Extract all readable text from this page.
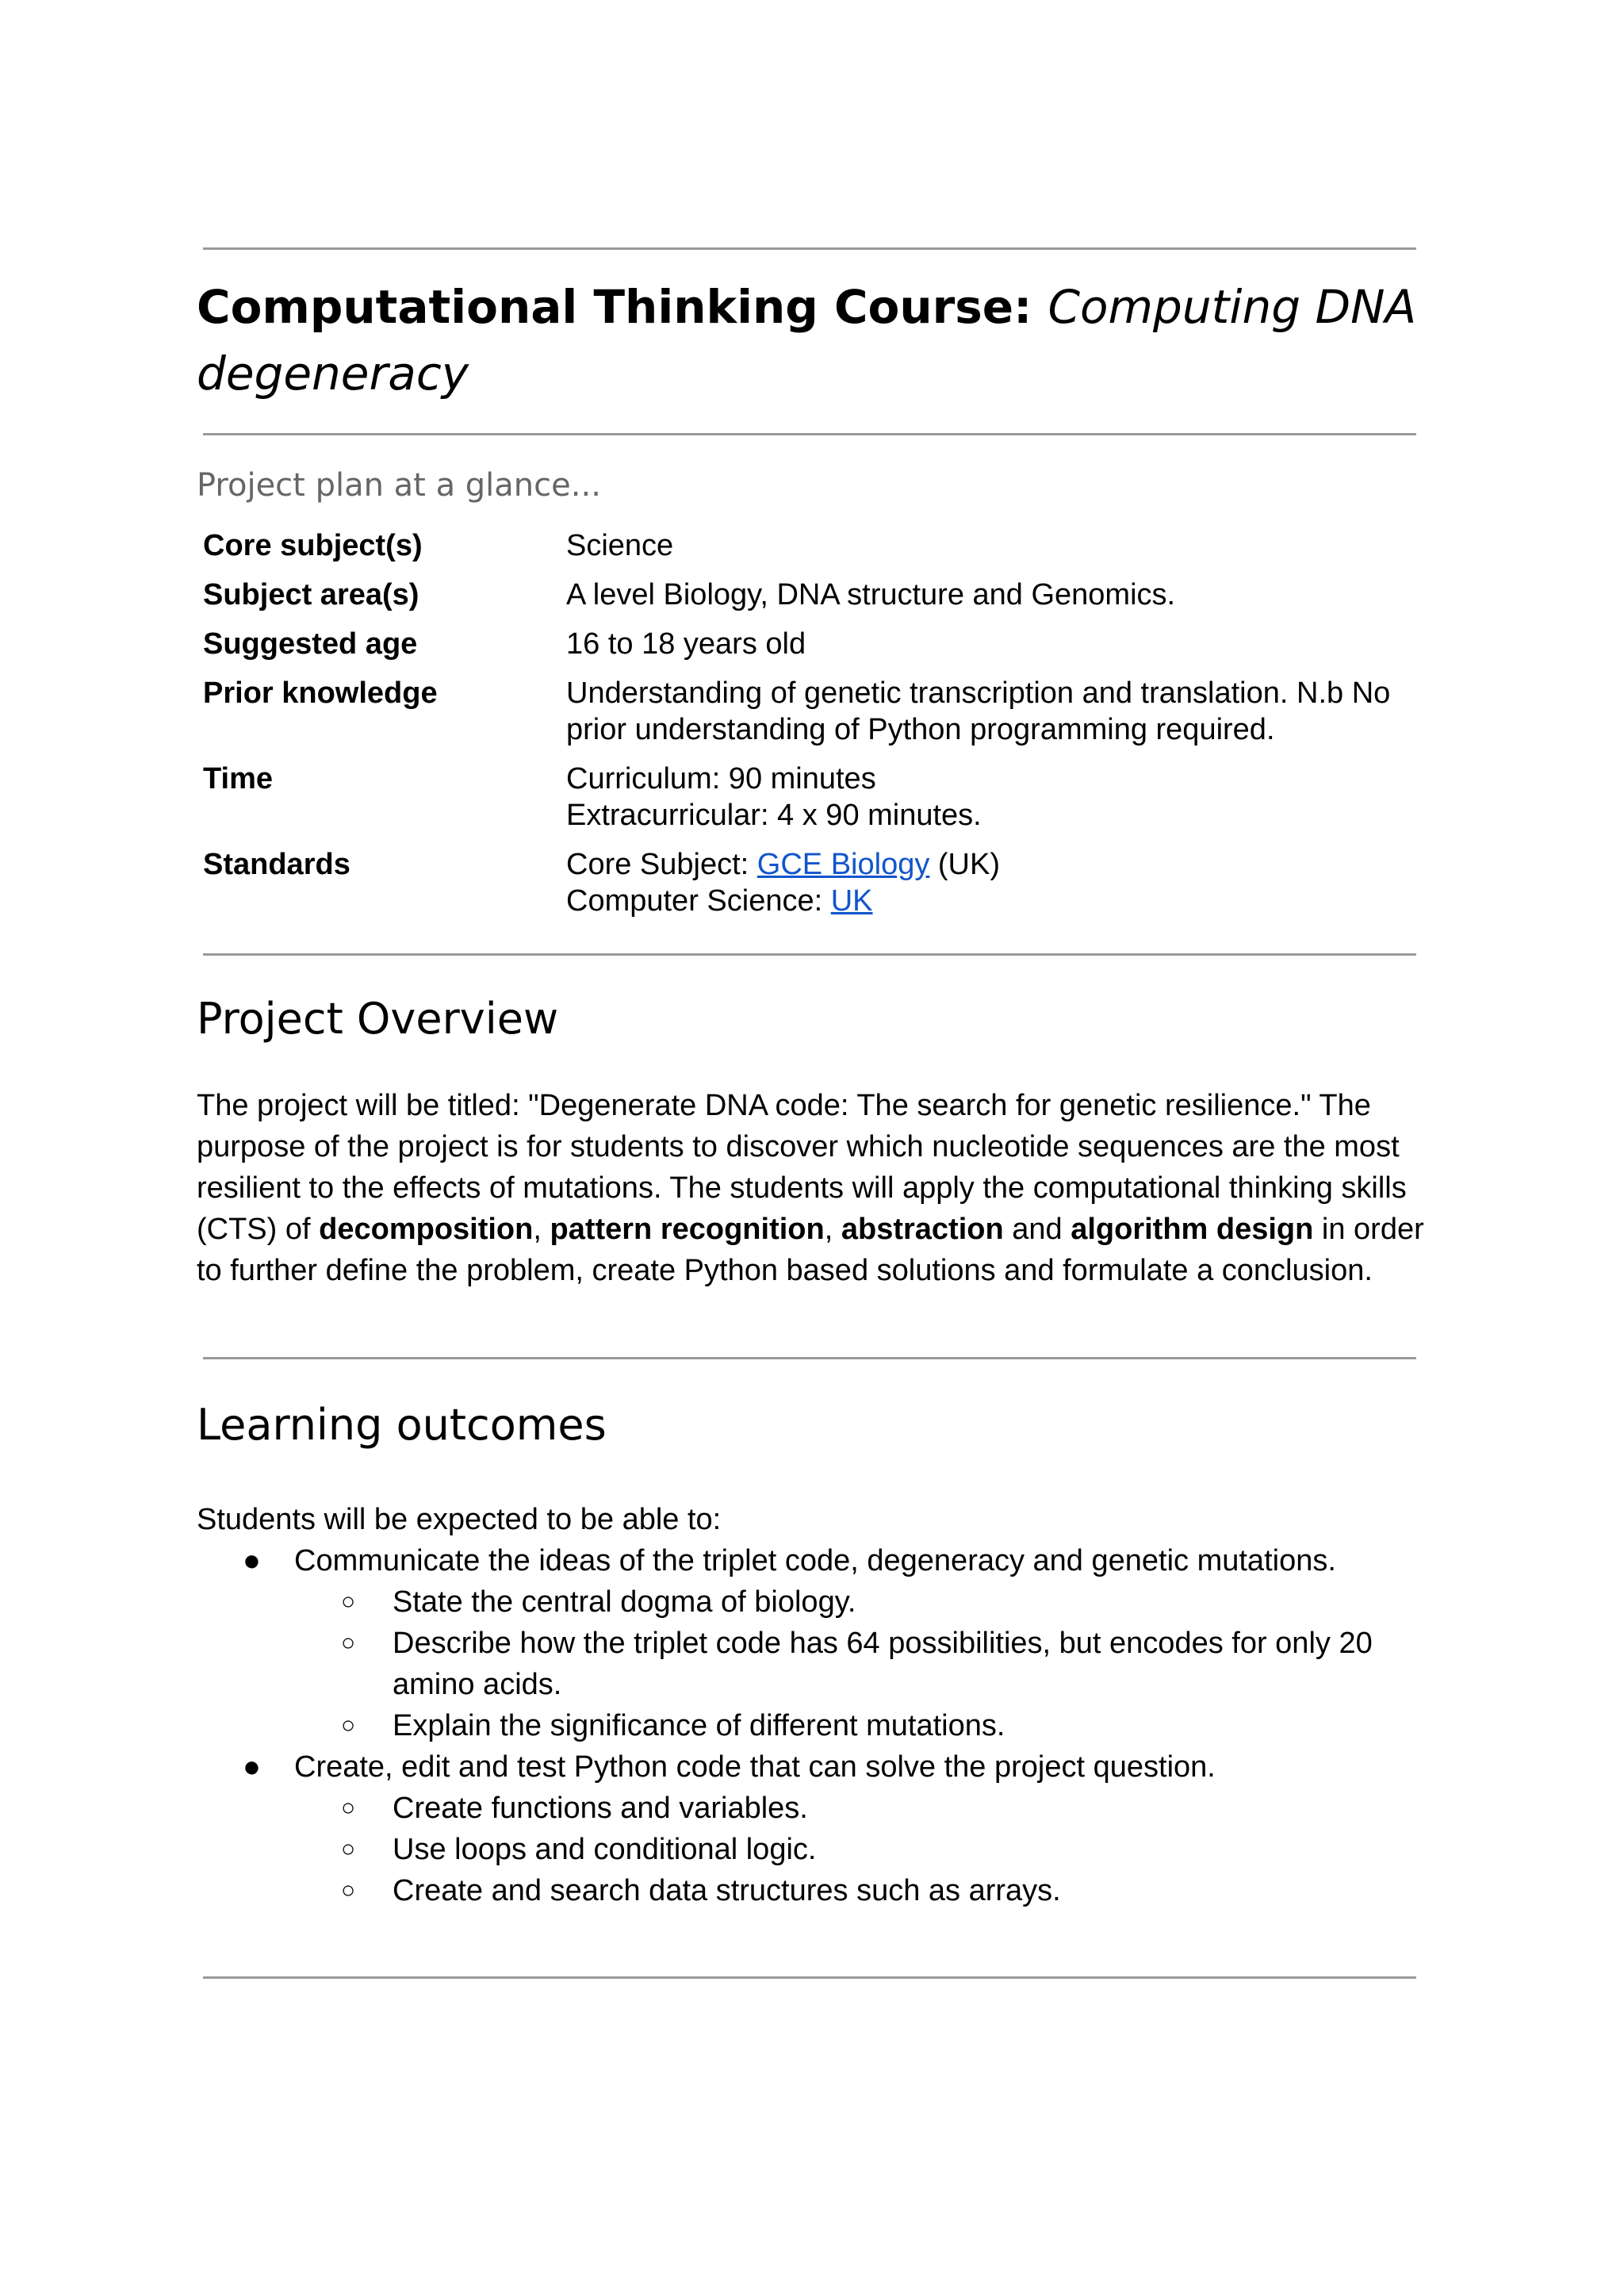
Computational Thinking Course: Computing DNA degeneracy

Project plan at a glance...

Core subject(s)	Science
Subject area(s)	A level Biology, DNA structure and Genomics.
Suggested age	16 to 18 years old
Prior knowledge	Understanding of genetic transcription and translation. N.b No
prior understanding of Python programming required.
Time	Curriculum: 90 minutes
Extracurricular: 4 x 90 minutes.
Standards	Core Subject: GCE Biology (UK)
Computer Science: UK
Project Overview

The project will be titled: "Degenerate DNA code: The search for genetic resilience." The purpose of the project is for students to discover which nucleotide sequences are the most resilient to the effects of mutations. The students will apply the computational thinking skills (CTS) of decomposition, pattern recognition, abstraction and algorithm design in order to further define the problem, create Python based solutions and formulate a conclusion.

Learning outcomes

Students will be expected to be able to:

● Communicate the ideas of the triplet code, degeneracy and genetic mutations.
○ State the central dogma of biology.
○ Describe how the triplet code has 64 possibilities, but encodes for only 20 amino acids.
○ Explain the significance of different mutations.
● Create, edit and test Python code that can solve the project question.
○ Create functions and variables.
○ Use loops and conditional logic.
○ Create and search data structures such as arrays.
